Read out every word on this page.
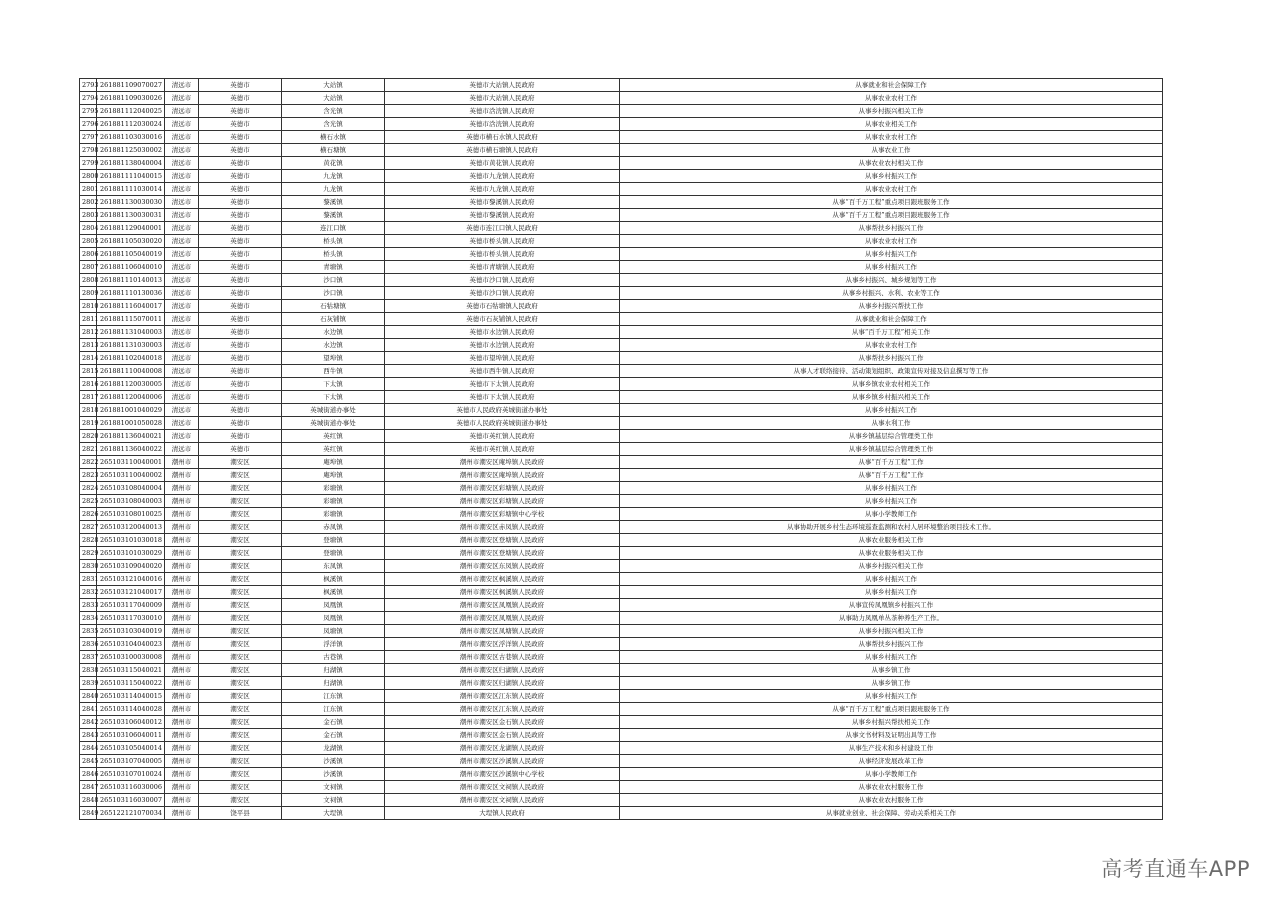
2793	261881109070027	清远市	英德市	大站镇	英德市大站镇人民政府	从事就业和社会保障工作
2794	261881109030026	清远市	英德市	大站镇	英德市大站镇人民政府	从事农业农村工作
2795	261881112040025	清远市	英德市	含光镇	英德市浛洸镇人民政府	从事乡村振兴相关工作
2796	261881112030024	清远市	英德市	含光镇	英德市浛洸镇人民政府	从事农业相关工作
2797	261881103030016	清远市	英德市	横石水镇	英德市横石水镇人民政府	从事农业农村工作
2798	261881125030002	清远市	英德市	横石塘镇	英德市横石塘镇人民政府	从事农业工作
2799	261881138040004	清远市	英德市	黄花镇	英德市黄花镇人民政府	从事农业农村相关工作
2800	261881111040015	清远市	英德市	九龙镇	英德市九龙镇人民政府	从事乡村振兴工作
2801	261881111030014	清远市	英德市	九龙镇	英德市九龙镇人民政府	从事农业农村工作
2802	261881130030030	清远市	英德市	黎溪镇	英德市黎溪镇人民政府	从事“百千万工程”重点项目跟班服务工作
2803	261881130030031	清远市	英德市	黎溪镇	英德市黎溪镇人民政府	从事“百千万工程”重点项目跟班服务工作
2804	261881129040001	清远市	英德市	连江口镇	英德市连江口镇人民政府	从事帮扶乡村振兴工作
2805	261881105030020	清远市	英德市	桥头镇	英德市桥头镇人民政府	从事农业农村工作
2806	261881105040019	清远市	英德市	桥头镇	英德市桥头镇人民政府	从事乡村振兴工作
2807	261881106040010	清远市	英德市	青塘镇	英德市青塘镇人民政府	从事乡村振兴工作
2808	261881110140013	清远市	英德市	沙口镇	英德市沙口镇人民政府	从事乡村振兴、城乡规划等工作
2809	261881110130036	清远市	英德市	沙口镇	英德市沙口镇人民政府	从事乡村振兴、水利、农业等工作
2810	261881116040017	清远市	英德市	石牯塘镇	英德市石牯塘镇人民政府	从事乡村振兴帮扶工作
2811	261881115070011	清远市	英德市	石灰铺镇	英德市石灰铺镇人民政府	从事就业和社会保障工作
2812	261881131040003	清远市	英德市	水边镇	英德市水边镇人民政府	从事“百千万工程”相关工作
2813	261881131030003	清远市	英德市	水边镇	英德市水边镇人民政府	从事农业农村工作
2814	261881102040018	清远市	英德市	望埠镇	英德市望埠镇人民政府	从事帮扶乡村振兴工作
2815	261881110040008	清远市	英德市	西牛镇	英德市西牛镇人民政府	从事人才联络接待、活动策划组织、政策宣传对接及信息撰写等工作
2816	261881120030005	清远市	英德市	下太镇	英德市下太镇人民政府	从事乡镇农业农村相关工作
2817	261881120040006	清远市	英德市	下太镇	英德市下太镇人民政府	从事乡镇乡村振兴相关工作
2818	261881001040029	清远市	英德市	英城街道办事处	英德市人民政府英城街道办事处	从事乡村振兴工作
2819	261881001050028	清远市	英德市	英城街道办事处	英德市人民政府英城街道办事处	从事水利工作
2820	261881136040021	清远市	英德市	英红镇	英德市英红镇人民政府	从事乡镇基层综合管理类工作
2821	261881136040022	清远市	英德市	英红镇	英德市英红镇人民政府	从事乡镇基层综合管理类工作
2822	265103110040001	潮州市	潮安区	庵埠镇	潮州市潮安区庵埠镇人民政府	从事“百千万工程”工作
2823	265103110040002	潮州市	潮安区	庵埠镇	潮州市潮安区庵埠镇人民政府	从事“百千万工程”工作
2824	265103108040004	潮州市	潮安区	彩塘镇	潮州市潮安区彩塘镇人民政府	从事乡村振兴工作
2825	265103108040003	潮州市	潮安区	彩塘镇	潮州市潮安区彩塘镇人民政府	从事乡村振兴工作
2826	265103108010025	潮州市	潮安区	彩塘镇	潮州市潮安区彩塘镇中心学校	从事小学教师工作
2827	265103120040013	潮州市	潮安区	赤凤镇	潮州市潮安区赤凤镇人民政府	从事协助开展乡村生态环境巡查监测和农村人居环境整治项目技术工作。
2828	265103101030018	潮州市	潮安区	登塘镇	潮州市潮安区登塘镇人民政府	从事农业服务相关工作
2829	265103101030029	潮州市	潮安区	登塘镇	潮州市潮安区登塘镇人民政府	从事农业服务相关工作
2830	265103109040020	潮州市	潮安区	东凤镇	潮州市潮安区东凤镇人民政府	从事乡村振兴相关工作
2831	265103121040016	潮州市	潮安区	枫溪镇	潮州市潮安区枫溪镇人民政府	从事乡村振兴工作
2832	265103121040017	潮州市	潮安区	枫溪镇	潮州市潮安区枫溪镇人民政府	从事乡村振兴工作
2833	265103117040009	潮州市	潮安区	凤凰镇	潮州市潮安区凤凰镇人民政府	从事宣传凤凰镇乡村振兴工作
2834	265103117030010	潮州市	潮安区	凤凰镇	潮州市潮安区凤凰镇人民政府	从事助力凤凰单丛茶种养生产工作。
2835	265103103040019	潮州市	潮安区	凤塘镇	潮州市潮安区凤塘镇人民政府	从事乡村振兴相关工作
2836	265103104040023	潮州市	潮安区	浮洋镇	潮州市潮安区浮洋镇人民政府	从事帮扶乡村振兴工作
2837	265103100030008	潮州市	潮安区	古巷镇	潮州市潮安区古巷镇人民政府	从事乡村振兴工作
2838	265103115040021	潮州市	潮安区	归湖镇	潮州市潮安区归湖镇人民政府	从事乡镇工作
2839	265103115040022	潮州市	潮安区	归湖镇	潮州市潮安区归湖镇人民政府	从事乡镇工作
2840	265103114040015	潮州市	潮安区	江东镇	潮州市潮安区江东镇人民政府	从事乡村振兴工作
2841	265103114040028	潮州市	潮安区	江东镇	潮州市潮安区江东镇人民政府	从事“百千万工程”重点项目跟班服务工作
2842	265103106040012	潮州市	潮安区	金石镇	潮州市潮安区金石镇人民政府	从事乡村振兴帮扶相关工作
2843	265103106040011	潮州市	潮安区	金石镇	潮州市潮安区金石镇人民政府	从事文书材料及证明出具等工作
2844	265103105040014	潮州市	潮安区	龙湖镇	潮州市潮安区龙湖镇人民政府	从事生产技术和乡村建设工作
2845	265103107040005	潮州市	潮安区	沙溪镇	潮州市潮安区沙溪镇人民政府	从事经济发展改革工作
2846	265103107010024	潮州市	潮安区	沙溪镇	潮州市潮安区沙溪镇中心学校	从事小学教师工作
2847	265103116030006	潮州市	潮安区	文祠镇	潮州市潮安区文祠镇人民政府	从事农业农村服务工作
2848	265103116030007	潮州市	潮安区	文祠镇	潮州市潮安区文祠镇人民政府	从事农业农村服务工作
2849	265122121070034	潮州市	饶平县	大埕镇	大埕镇人民政府	从事就业创业、社会保障、劳动关系相关工作
高考直通车APP
